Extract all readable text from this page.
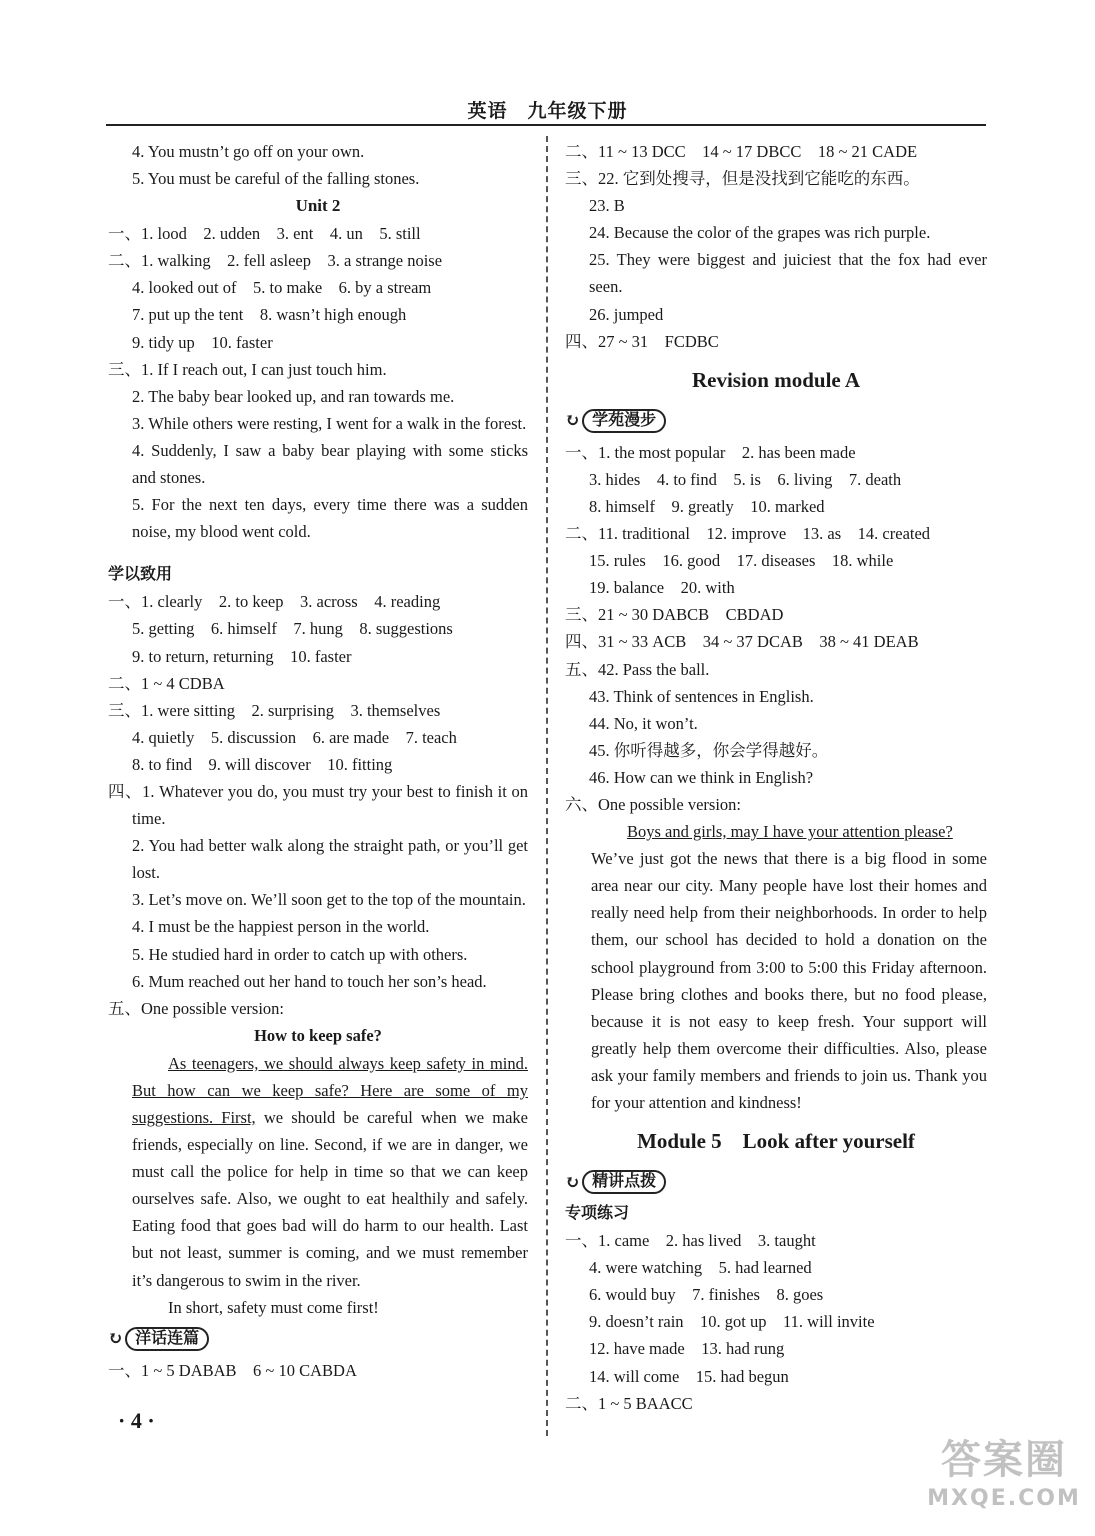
英语　九年级下册
4. You mustn’t go off on your own.
5. You must be careful of the falling stones.
Unit 2
一、1. lood　2. udden　3. ent　4. un　5. still
二、1. walking　2. fell asleep　3. a strange noise
4. looked out of　5. to make　6. by a stream
7. put up the tent　8. wasn’t high enough
9. tidy up　10. faster
三、1. If I reach out, I can just touch him.
2. The baby bear looked up, and ran towards me.
3. While others were resting, I went for a walk in the forest.
4. Suddenly, I saw a baby bear playing with some sticks and stones.
5. For the next ten days, every time there was a sudden noise, my blood went cold.
学以致用
一、1. clearly　2. to keep　3. across　4. reading
5. getting　6. himself　7. hung　8. suggestions
9. to return, returning　10. faster
二、1 ~ 4 CDBA
三、1. were sitting　2. surprising　3. themselves
4. quietly　5. discussion　6. are made　7. teach
8. to find　9. will discover　10. fitting
四、1. Whatever you do, you must try your best to finish it on time.
2. You had better walk along the straight path, or you’ll get lost.
3. Let’s move on. We’ll soon get to the top of the mountain.
4. I must be the happiest person in the world.
5. He studied hard in order to catch up with others.
6. Mum reached out her hand to touch her son’s head.
五、One possible version:
How to keep safe?
As teenagers, we should always keep safety in mind. But how can we keep safe? Here are some of my suggestions. First, we should be careful when we make friends, especially on line. Second, if we are in danger, we must call the police for help in time so that we can keep ourselves safe. Also, we ought to eat healthily and safely. Eating food that goes bad will do harm to our health. Last but not least, summer is coming, and we must remember it’s dangerous to swim in the river.
In short, safety must come first!
↻ 洋话连篇
一、1 ~ 5 DABAB　6 ~ 10 CABDA
二、11 ~ 13 DCC　14 ~ 17 DBCC　18 ~ 21 CADE
三、22. 它到处搜寻，但是没找到它能吃的东西。
23. B
24. Because the color of the grapes was rich purple.
25. They were biggest and juiciest that the fox had ever seen.
26. jumped
四、27 ~ 31　FCDBC
Revision module A
↻ 学苑漫步
一、1. the most popular　2. has been made
3. hides　4. to find　5. is　6. living　7. death
8. himself　9. greatly　10. marked
二、11. traditional　12. improve　13. as　14. created
15. rules　16. good　17. diseases　18. while
19. balance　20. with
三、21 ~ 30 DABCB　CBDAD
四、31 ~ 33 ACB　34 ~ 37 DCAB　38 ~ 41 DEAB
五、42. Pass the ball.
43. Think of sentences in English.
44. No, it won’t.
45. 你听得越多，你会学得越好。
46. How can we think in English?
六、One possible version:
Boys and girls, may I have your attention please?
We’ve just got the news that there is a big flood in some area near our city. Many people have lost their homes and really need help from their neighborhoods. In order to help them, our school has decided to hold a donation on the school playground from 3:00 to 5:00 this Friday afternoon. Please bring clothes and books there, but no food please, because it is not easy to keep fresh. Your support will greatly help them overcome their difficulties. Also, please ask your family members and friends to join us. Thank you for your attention and kindness!
Module 5　Look after yourself
↻ 精讲点拨
专项练习
一、1. came　2. has lived　3. taught
4. were watching　5. had learned
6. would buy　7. finishes　8. goes
9. doesn’t rain　10. got up　11. will invite
12. have made　13. had rung
14. will come　15. had begun
二、1 ~ 5 BAACC
· 4 ·
答案圈
MXQE.COM
